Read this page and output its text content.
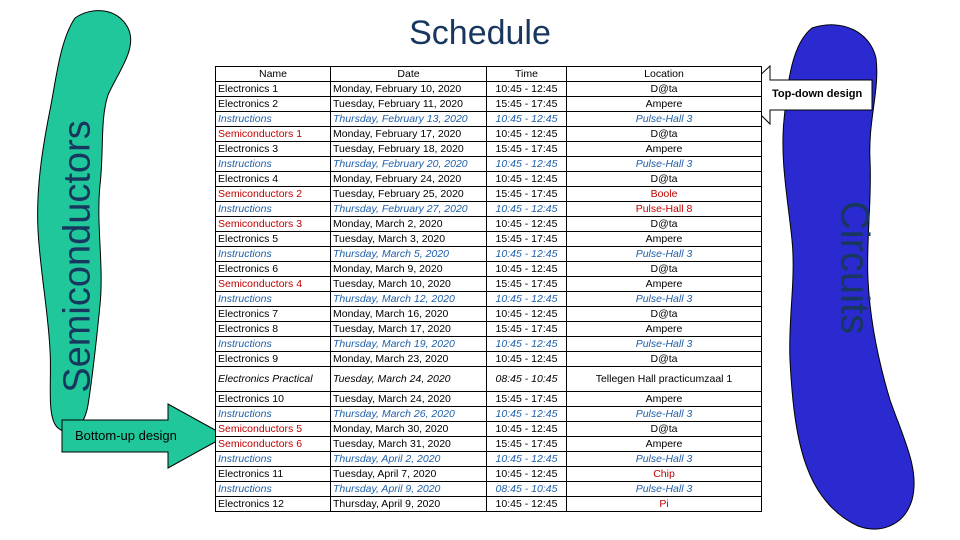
Schedule
Semiconductors	Circuits
Bottom-up design
Top-down design
Name	Date	Time	Location
Electronics 1	Monday, February 10, 2020	10:45 - 12:45	D@ta
Electronics 2	Tuesday, February 11, 2020	15:45 - 17:45	Ampere
Instructions	Thursday, February 13, 2020	10:45 - 12:45	Pulse-Hall 3
Semiconductors 1	Monday, February 17, 2020	10:45 - 12:45	D@ta
Electronics 3	Tuesday, February 18, 2020	15:45 - 17:45	Ampere
Instructions	Thursday, February 20, 2020	10:45 - 12:45	Pulse-Hall 3
Electronics 4	Monday, February 24, 2020	10:45 - 12:45	D@ta
Semiconductors 2	Tuesday, February 25, 2020	15:45 - 17:45	Boole
Instructions	Thursday, February 27, 2020	10:45 - 12:45	Pulse-Hall 8
Semiconductors 3	Monday, March 2, 2020	10:45 - 12:45	D@ta
Electronics 5	Tuesday, March 3, 2020	15:45 - 17:45	Ampere
Instructions	Thursday, March 5, 2020	10:45 - 12:45	Pulse-Hall 3
Electronics 6	Monday, March 9, 2020	10:45 - 12:45	D@ta
Semiconductors 4	Tuesday, March 10, 2020	15:45 - 17:45	Ampere
Instructions	Thursday, March 12, 2020	10:45 - 12:45	Pulse-Hall 3
Electronics 7	Monday, March 16, 2020	10:45 - 12:45	D@ta
Electronics 8	Tuesday, March 17, 2020	15:45 - 17:45	Ampere
Instructions	Thursday, March 19, 2020	10:45 - 12:45	Pulse-Hall 3
Electronics 9	Monday, March 23, 2020	10:45 - 12:45	D@ta
Electronics Practical	Tuesday, March 24, 2020	08:45 - 10:45	Tellegen Hall practicumzaal 1
Electronics 10	Tuesday, March 24, 2020	15:45 - 17:45	Ampere
Instructions	Thursday, March 26, 2020	10:45 - 12:45	Pulse-Hall 3
Semiconductors 5	Monday, March 30, 2020	10:45 - 12:45	D@ta
Semiconductors 6	Tuesday, March 31, 2020	15:45 - 17:45	Ampere
Instructions	Thursday, April 2, 2020	10:45 - 12:45	Pulse-Hall 3
Electronics 11	Tuesday, April 7, 2020	10:45 - 12:45	Chip
Instructions	Thursday, April 9, 2020	08:45 - 10:45	Pulse-Hall 3
Electronics 12	Thursday, April 9, 2020	10:45 - 12:45	Pi
